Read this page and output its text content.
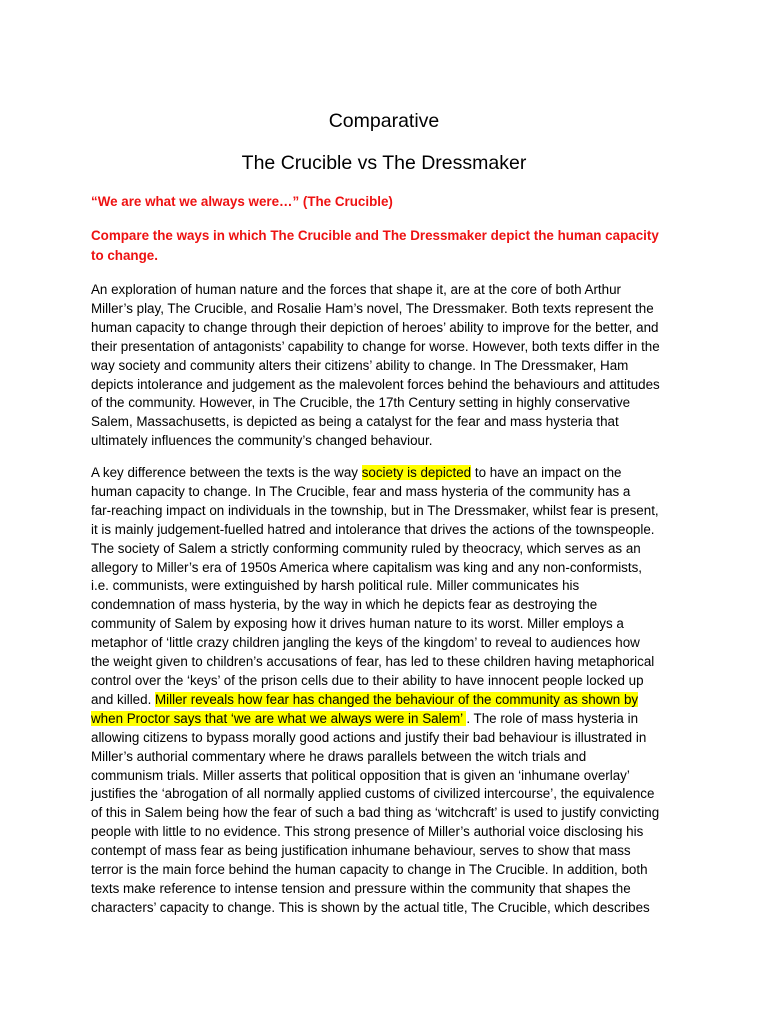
Comparative
The Crucible vs The Dressmaker

“We are what we always were…” (The Crucible)

Compare the ways in which The Crucible and The Dressmaker depict the human capacity
to change.

An exploration of human nature and the forces that shape it, are at the core of both Arthur
Miller’s play, The Crucible, and Rosalie Ham’s novel, The Dressmaker. Both texts represent the
human capacity to change through their depiction of heroes’ ability to improve for the better, and
their presentation of antagonists’ capability to change for worse. However, both texts differ in the
way society and community alters their citizens’ ability to change. In The Dressmaker, Ham
depicts intolerance and judgement as the malevolent forces behind the behaviours and attitudes
of the community. However, in The Crucible, the 17th Century setting in highly conservative
Salem, Massachusetts, is depicted as being a catalyst for the fear and mass hysteria that
ultimately influences the community’s changed behaviour.

A key difference between the texts is the way society is depicted to have an impact on the
human capacity to change. In The Crucible, fear and mass hysteria of the community has a
far-reaching impact on individuals in the township, but in The Dressmaker, whilst fear is present,
it is mainly judgement-fuelled hatred and intolerance that drives the actions of the townspeople.
The society of Salem a strictly conforming community ruled by theocracy, which serves as an
allegory to Miller’s era of 1950s America where capitalism was king and any non-conformists,
i.e. communists, were extinguished by harsh political rule. Miller communicates his
condemnation of mass hysteria, by the way in which he depicts fear as destroying the
community of Salem by exposing how it drives human nature to its worst. Miller employs a
metaphor of ‘little crazy children jangling the keys of the kingdom’ to reveal to audiences how
the weight given to children’s accusations of fear, has led to these children having metaphorical
control over the ‘keys’ of the prison cells due to their ability to have innocent people locked up
and killed. Miller reveals how fear has changed the behaviour of the community as shown by
when Proctor says that ‘we are what we always were in Salem’ . The role of mass hysteria in
allowing citizens to bypass morally good actions and justify their bad behaviour is illustrated in
Miller’s authorial commentary where he draws parallels between the witch trials and
communism trials. Miller asserts that political opposition that is given an ‘inhumane overlay’
justifies the ‘abrogation of all normally applied customs of civilized intercourse’, the equivalence
of this in Salem being how the fear of such a bad thing as ‘witchcraft’ is used to justify convicting
people with little to no evidence. This strong presence of Miller’s authorial voice disclosing his
contempt of mass fear as being justification inhumane behaviour, serves to show that mass
terror is the main force behind the human capacity to change in The Crucible. In addition, both
texts make reference to intense tension and pressure within the community that shapes the
characters’ capacity to change. This is shown by the actual title, The Crucible, which describes
